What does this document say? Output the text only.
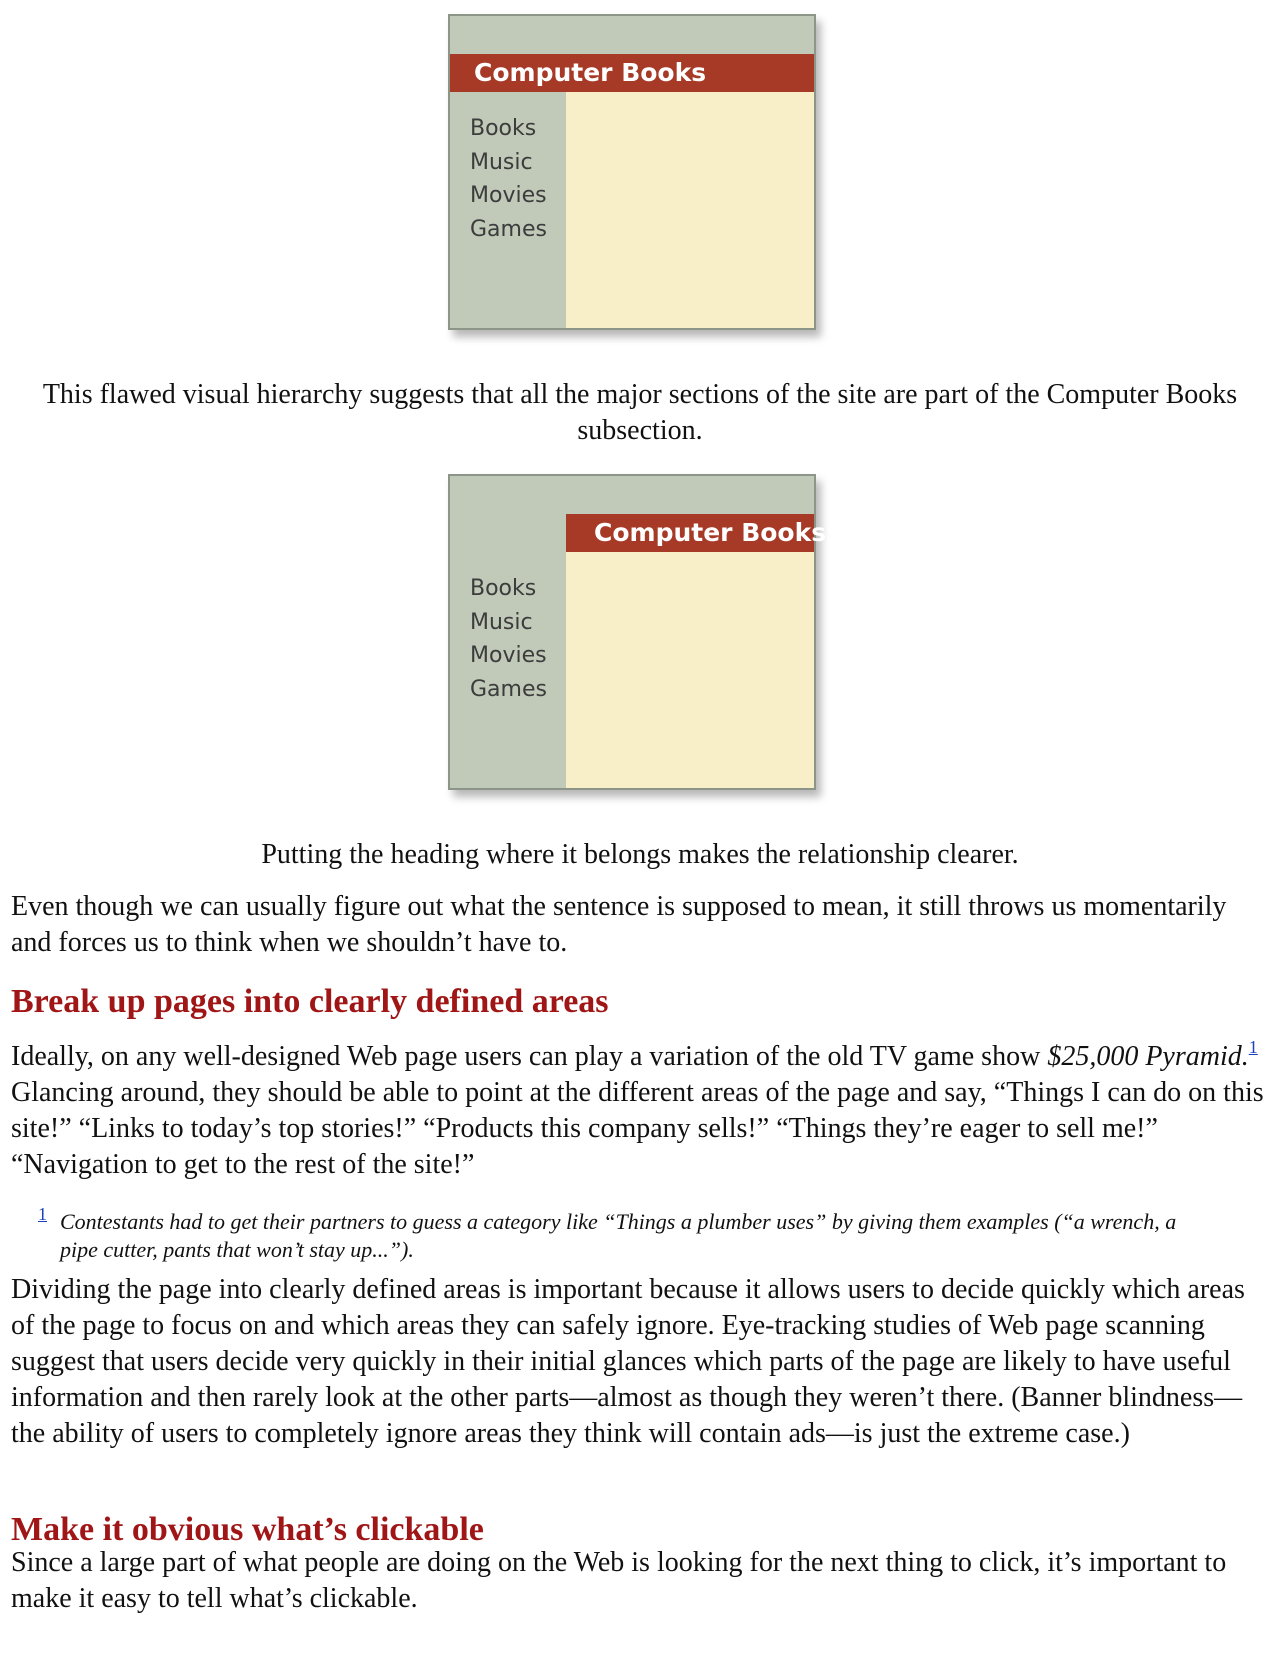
Computer Books
Books
Music
Movies
Games

This flawed visual hierarchy suggests that all the major sections of the site are part of the Computer Books subsection.

Computer Books
Books
Music
Movies
Games

Putting the heading where it belongs makes the relationship clearer.

Even though we can usually figure out what the sentence is supposed to mean, it still throws us momentarily and forces us to think when we shouldn’t have to.

Break up pages into clearly defined areas

Ideally, on any well-designed Web page users can play a variation of the old TV game show $25,000 Pyramid.$^1$ Glancing around, they should be able to point at the different areas of the page and say, “Things I can do on this site!” “Links to today’s top stories!” “Products this company sells!” “Things they’re eager to sell me!” “Navigation to get to the rest of the site!”

1 Contestants had to get their partners to guess a category like “Things a plumber uses” by giving them examples (“a wrench, a pipe cutter, pants that won’t stay up...”).

Dividing the page into clearly defined areas is important because it allows users to decide quickly which areas of the page to focus on and which areas they can safely ignore. Eye-tracking studies of Web page scanning suggest that users decide very quickly in their initial glances which parts of the page are likely to have useful information and then rarely look at the other parts—almost as though they weren’t there. (Banner blindness—the ability of users to completely ignore areas they think will contain ads—is just the extreme case.)

Make it obvious what’s clickable

Since a large part of what people are doing on the Web is looking for the next thing to click, it’s important to make it easy to tell what’s clickable.
